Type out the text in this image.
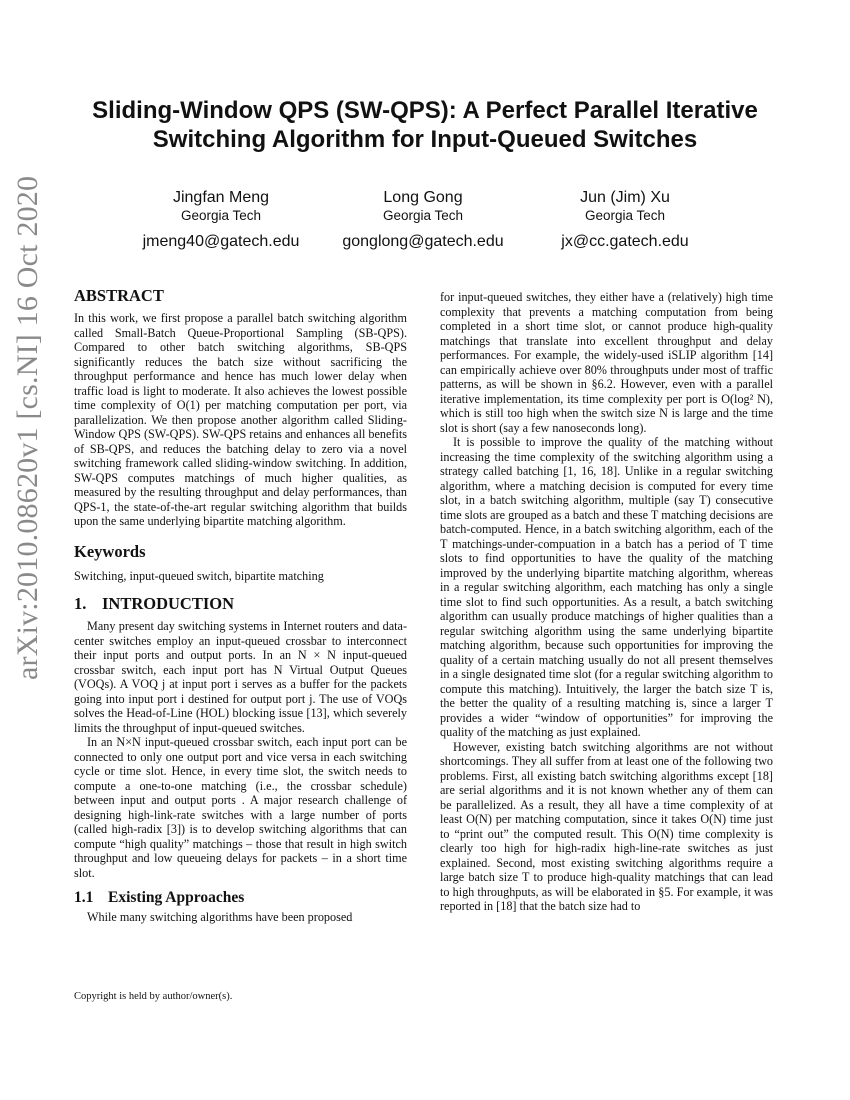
Sliding-Window QPS (SW-QPS): A Perfect Parallel Iterative Switching Algorithm for Input-Queued Switches
Jingfan Meng
Georgia Tech
jmeng40@gatech.edu
Long Gong
Georgia Tech
gonglong@gatech.edu
Jun (Jim) Xu
Georgia Tech
jx@cc.gatech.edu
arXiv:2010.08620v1 [cs.NI] 16 Oct 2020 ABSTRACT

In this work, we first propose a parallel batch switching algorithm called Small-Batch Queue-Proportional Sampling (SB-QPS). Compared to other batch switching algorithms, SB-QPS significantly reduces the batch size without sacrificing the throughput performance and hence has much lower delay when traffic load is light to moderate. It also achieves the lowest possible time complexity of O(1) per matching computation per port, via parallelization. We then propose another algorithm called Sliding-Window QPS (SW-QPS). SW-QPS retains and enhances all benefits of SB-QPS, and reduces the batching delay to zero via a novel switching framework called sliding-window switching. In addition, SW-QPS computes matchings of much higher qualities, as measured by the resulting throughput and delay performances, than QPS-1, the state-of-the-art regular switching algorithm that builds upon the same underlying bipartite matching algorithm.

Keywords

Switching, input-queued switch, bipartite matching

1. INTRODUCTION

Many present day switching systems in Internet routers and data-center switches employ an input-queued crossbar to interconnect their input ports and output ports. In an N × N input-queued crossbar switch, each input port has N Virtual Output Queues (VOQs). A VOQ j at input port i serves as a buffer for the packets going into input port i destined for output port j. The use of VOQs solves the Head-of-Line (HOL) blocking issue [13], which severely limits the throughput of input-queued switches.

In an N×N input-queued crossbar switch, each input port can be connected to only one output port and vice versa in each switching cycle or time slot. Hence, in every time slot, the switch needs to compute a one-to-one matching (i.e., the crossbar schedule) between input and output ports . A major research challenge of designing high-link-rate switches with a large number of ports (called high-radix [3]) is to develop switching algorithms that can compute “high quality” matchings – those that result in high switch throughput and low queueing delays for packets – in a short time slot.

1.1 Existing Approaches

While many switching algorithms have been proposed

for input-queued switches, they either have a (relatively) high time complexity that prevents a matching computation from being completed in a short time slot, or cannot produce high-quality matchings that translate into excellent throughput and delay performances. For example, the widely-used iSLIP algorithm [14] can empirically achieve over 80% throughputs under most of traffic patterns, as will be shown in §6.2. However, even with a parallel iterative implementation, its time complexity per port is O(log² N), which is still too high when the switch size N is large and the time slot is short (say a few nanoseconds long).

It is possible to improve the quality of the matching without increasing the time complexity of the switching algorithm using a strategy called batching [1, 16, 18]. Unlike in a regular switching algorithm, where a matching decision is computed for every time slot, in a batch switching algorithm, multiple (say T) consecutive time slots are grouped as a batch and these T matching decisions are batch-computed. Hence, in a batch switching algorithm, each of the T matchings-under-compuation in a batch has a period of T time slots to find opportunities to have the quality of the matching improved by the underlying bipartite matching algorithm, whereas in a regular switching algorithm, each matching has only a single time slot to find such opportunities. As a result, a batch switching algorithm can usually produce matchings of higher qualities than a regular switching algorithm using the same underlying bipartite matching algorithm, because such opportunities for improving the quality of a certain matching usually do not all present themselves in a single designated time slot (for a regular switching algorithm to compute this matching). Intuitively, the larger the batch size T is, the better the quality of a resulting matching is, since a larger T provides a wider “window of opportunities” for improving the quality of the matching as just explained.

However, existing batch switching algorithms are not without shortcomings. They all suffer from at least one of the following two problems. First, all existing batch switching algorithms except [18] are serial algorithms and it is not known whether any of them can be parallelized. As a result, they all have a time complexity of at least O(N) per matching computation, since it takes O(N) time just to “print out” the computed result. This O(N) time complexity is clearly too high for high-radix high-line-rate switches as just explained. Second, most existing switching algorithms require a large batch size T to produce high-quality matchings that can lead to high throughputs, as will be elaborated in §5. For example, it was reported in [18] that the batch size had to

Copyright is held by author/owner(s).
